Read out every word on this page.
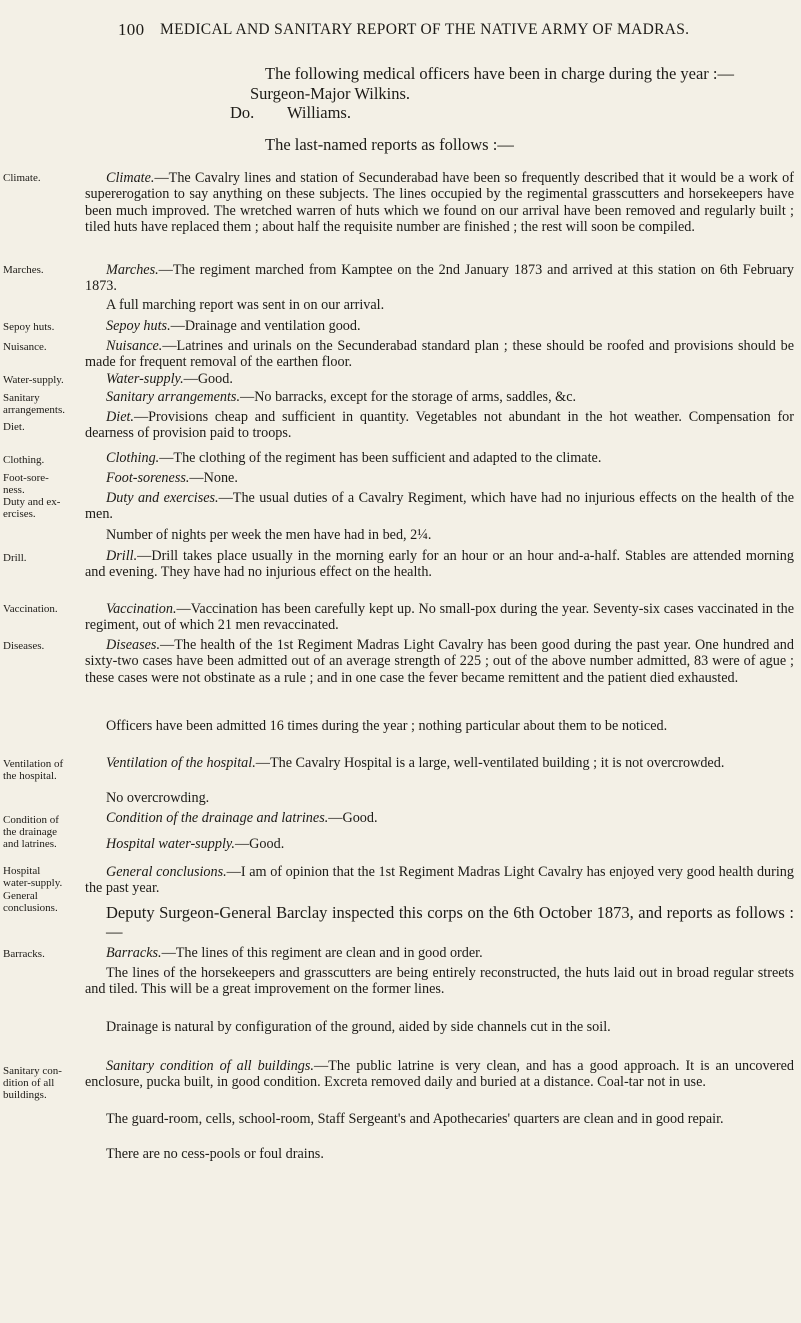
100 MEDICAL AND SANITARY REPORT OF THE NATIVE ARMY OF MADRAS.
The following medical officers have been in charge during the year :—
Surgeon-Major Wilkins.
Do.        Williams.
The last-named reports as follows :—
Climate.	Climate.—The Cavalry lines and station of Secunderabad have been so frequently described that it would be a work of supererogation to say anything on these subjects. The lines occupied by the regimental grasscutters and horsekeepers have been much improved. The wretched warren of huts which we found on our arrival have been removed and regularly built ; tiled huts have replaced them ; about half the requisite number are finished ; the rest will soon be compiled.
Marches.	Marches.—The regiment marched from Kamptee on the 2nd January 1873 and arrived at this station on 6th February 1873.
A full marching report was sent in on our arrival.
Sepoy huts.	Sepoy huts.—Drainage and ventilation good.
Nuisance.	Nuisance.—Latrines and urinals on the Secunderabad standard plan ; these should be roofed and provisions should be made for frequent removal of the earthen floor.
Water-supply.	Water-supply.—Good.
Sanitary arrangements.
Sanitary arrangements.—No barracks, except for the storage of arms, saddles, &c.
Diet.
Diet.—Provisions cheap and sufficient in quantity. Vegetables not abundant in the hot weather. Compensation for dearness of provision paid to troops.
Clothing.	Clothing.—The clothing of the regiment has been sufficient and adapted to the climate.
Foot-sore-ness.
Foot-soreness.—None.
Duty and ex-ercises.
Duty and exercises.—The usual duties of a Cavalry Regiment, which have had no injurious effects on the health of the men.
Number of nights per week the men have had in bed, 2¼.
Drill.	Drill.—Drill takes place usually in the morning early for an hour or an hour and-a-half. Stables are attended morning and evening. They have had no injurious effect on the health.
Vaccination.	Vaccination.—Vaccination has been carefully kept up. No small-pox during the year. Seventy-six cases vaccinated in the regiment, out of which 21 men revaccinated.
Diseases.	Diseases.—The health of the 1st Regiment Madras Light Cavalry has been good during the past year. One hundred and sixty-two cases have been admitted out of an average strength of 225 ; out of the above number admitted, 83 were of ague ; these cases were not obstinate as a rule ; and in one case the fever became remittent and the patient died exhausted.
Officers have been admitted 16 times during the year ; nothing particular about them to be noticed.
Ventilation of the hospital.
Ventilation of the hospital.—The Cavalry Hospital is a large, well-ventilated building ; it is not overcrowded.
No overcrowding.
Condition of the drainage and latrines.
Condition of the drainage and latrines.—Good.
Hospital water-supply.
Hospital water-supply.—Good.
General conclusions.
General conclusions.—I am of opinion that the 1st Regiment Madras Light Cavalry has enjoyed very good health during the past year.
Deputy Surgeon-General Barclay inspected this corps on the 6th October 1873, and reports as follows :—
Barracks.	Barracks.—The lines of this regiment are clean and in good order.
The lines of the horsekeepers and grasscutters are being entirely reconstructed, the huts laid out in broad regular streets and tiled. This will be a great improvement on the former lines.
Drainage is natural by configuration of the ground, aided by side channels cut in the soil.
Sanitary con-dition of all buildings.
Sanitary condition of all buildings.—The public latrine is very clean, and has a good approach. It is an uncovered enclosure, pucka built, in good condition. Excreta removed daily and buried at a distance. Coal-tar not in use.
The guard-room, cells, school-room, Staff Sergeant's and Apothecaries' quarters are clean and in good repair.
There are no cess-pools or foul drains.
